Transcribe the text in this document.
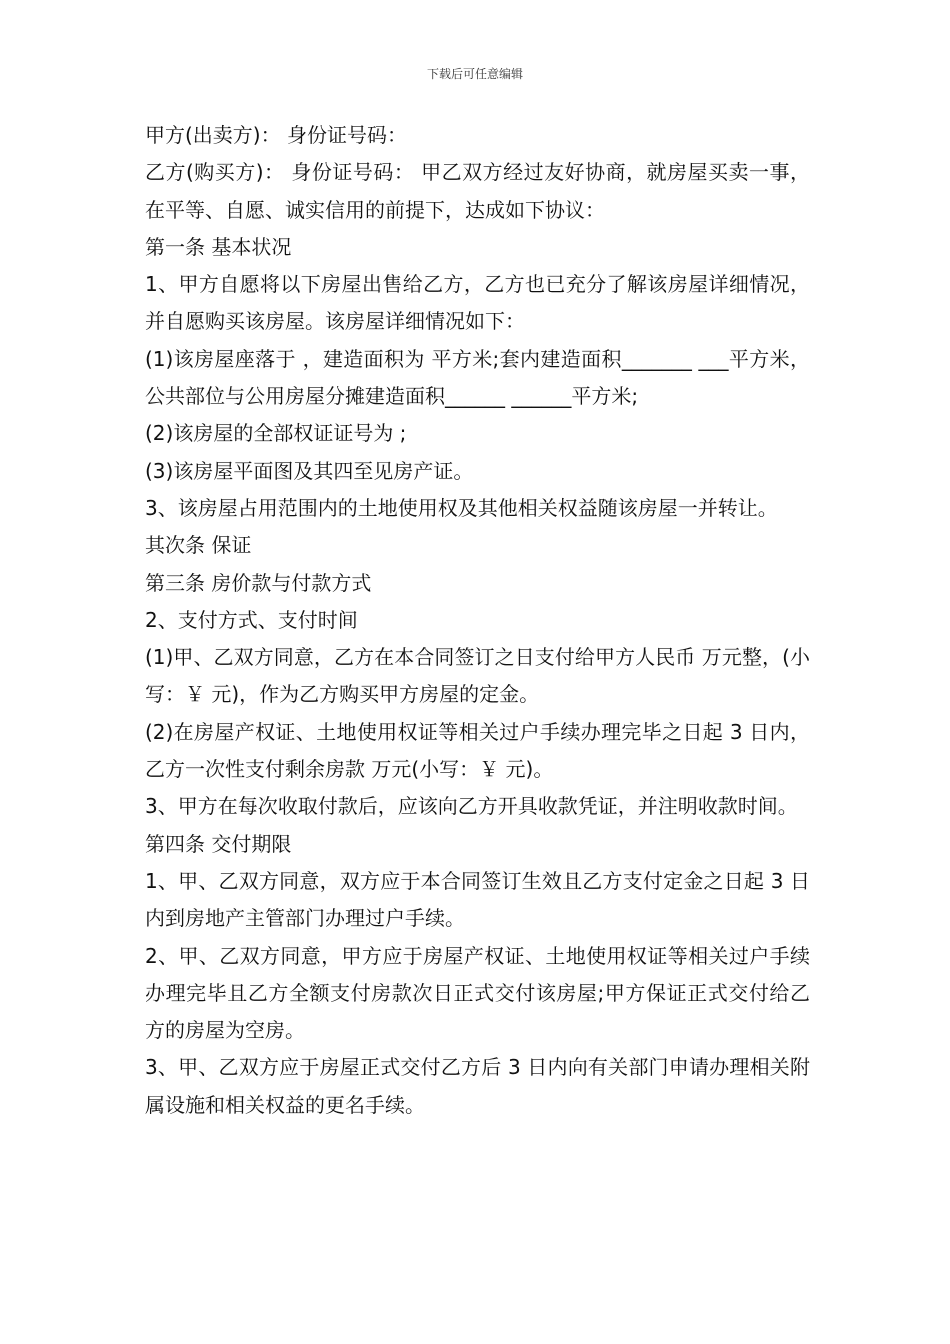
下载后可任意编辑

甲方(出卖方)： 身份证号码：

乙方(购买方)： 身份证号码： 甲乙双方经过友好协商，就房屋买卖一事，在平等、自愿、诚实信用的前提下，达成如下协议：

第一条 基本状况

1、甲方自愿将以下房屋出售给乙方，乙方也已充分了解该房屋详细情况，并自愿购买该房屋。该房屋详细情况如下：

(1)该房屋座落于 ，建造面积为 平方米;套内建造面积_______ ___平方米，公共部位与公用房屋分摊建造面积______ ______平方米;

(2)该房屋的全部权证证号为 ;

(3)该房屋平面图及其四至见房产证。

3、该房屋占用范围内的土地使用权及其他相关权益随该房屋一并转让。

其次条 保证

第三条 房价款与付款方式

2、支付方式、支付时间

(1)甲、乙双方同意，乙方在本合同签订之日支付给甲方人民币 万元整，(小写：￥ 元)，作为乙方购买甲方房屋的定金。

(2)在房屋产权证、土地使用权证等相关过户手续办理完毕之日起 3 日内，乙方一次性支付剩余房款 万元(小写：￥ 元)。

3、甲方在每次收取付款后，应该向乙方开具收款凭证，并注明收款时间。

第四条 交付期限

1、甲、乙双方同意，双方应于本合同签订生效且乙方支付定金之日起 3 日内到房地产主管部门办理过户手续。

2、甲、乙双方同意，甲方应于房屋产权证、土地使用权证等相关过户手续办理完毕且乙方全额支付房款次日正式交付该房屋;甲方保证正式交付给乙方的房屋为空房。

3、甲、乙双方应于房屋正式交付乙方后 3 日内向有关部门申请办理相关附属设施和相关权益的更名手续。
